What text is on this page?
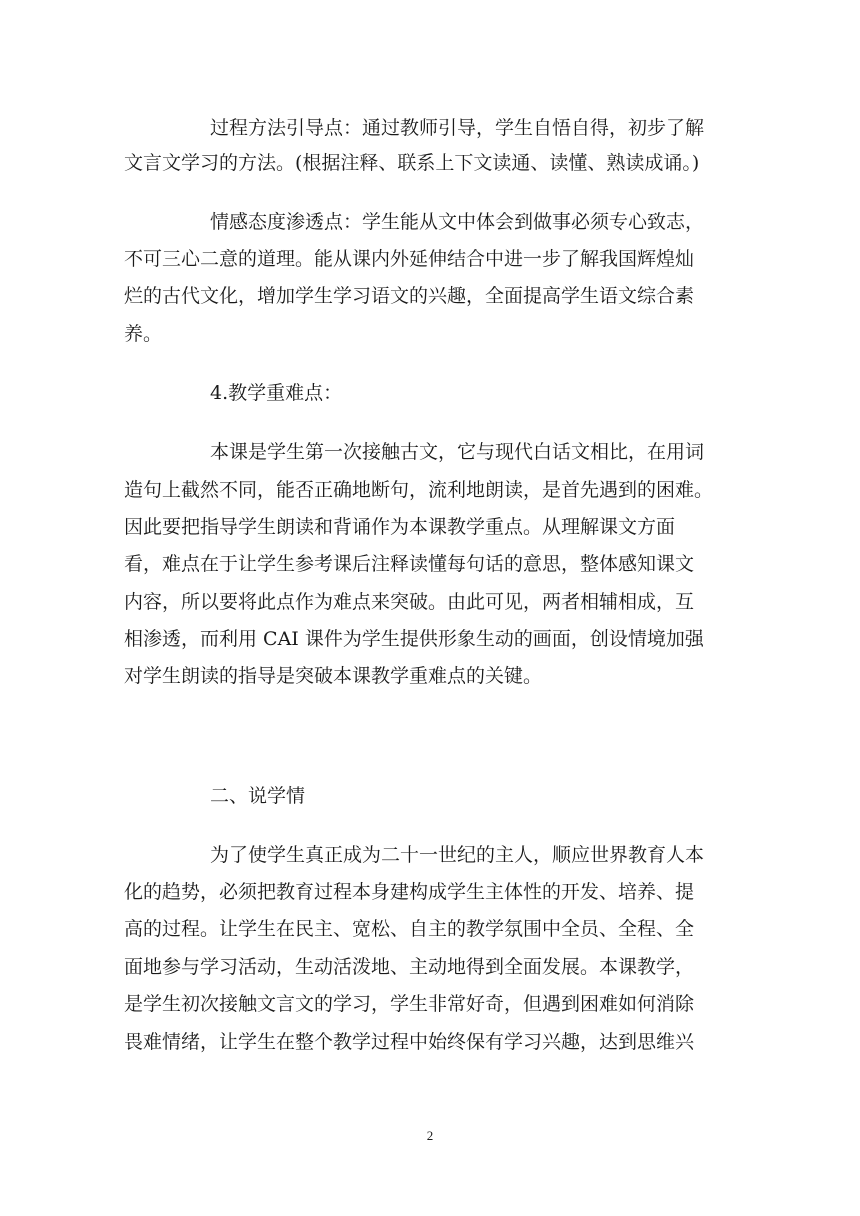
过程方法引导点：通过教师引导，学生自悟自得，初步了解
文言文学习的方法。(根据注释、联系上下文读通、读懂、熟读成诵。)
情感态度渗透点：学生能从文中体会到做事必须专心致志，
不可三心二意的道理。能从课内外延伸结合中进一步了解我国辉煌灿
烂的古代文化，增加学生学习语文的兴趣，全面提高学生语文综合素
养。
4.教学重难点：
本课是学生第一次接触古文，它与现代白话文相比，在用词
造句上截然不同，能否正确地断句，流利地朗读，是首先遇到的困难。
因此要把指导学生朗读和背诵作为本课教学重点。从理解课文方面
看，难点在于让学生参考课后注释读懂每句话的意思，整体感知课文
内容，所以要将此点作为难点来突破。由此可见，两者相辅相成，互
相渗透，而利用 CAI 课件为学生提供形象生动的画面，创设情境加强
对学生朗读的指导是突破本课教学重难点的关键。
二、说学情
为了使学生真正成为二十一世纪的主人，顺应世界教育人本
化的趋势，必须把教育过程本身建构成学生主体性的开发、培养、提
高的过程。让学生在民主、宽松、自主的教学氛围中全员、全程、全
面地参与学习活动，生动活泼地、主动地得到全面发展。本课教学，
是学生初次接触文言文的学习，学生非常好奇，但遇到困难如何消除
畏难情绪，让学生在整个教学过程中始终保有学习兴趣，达到思维兴
2
